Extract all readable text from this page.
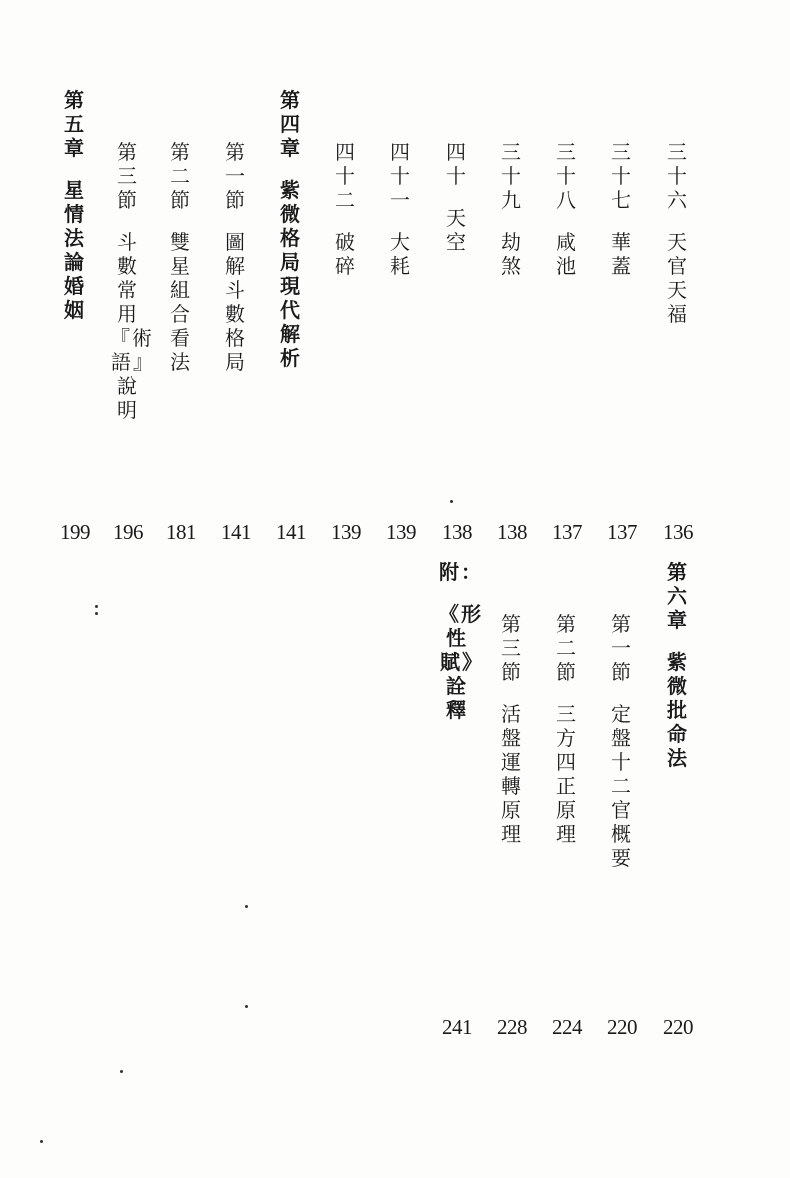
三十六
天官天福
136
三十七
華蓋
137
三十八
咸池
137
三十九
劫煞
138
四十
天空
138
四十一
大耗
139
四十二
破碎
139
第四章
紫微格局現代解析
141
第一節
圖解斗數格局
141
第二節
雙星組合看法
181
第三節
斗數常用『術語』說明
196
第五章
星情法論婚姻
199
第六章
紫微批命法
220
第一節
定盤十二官概要
220
第二節
三方四正原理
224
第三節
活盤運轉原理
228
附：
《形性賦》詮釋
241
